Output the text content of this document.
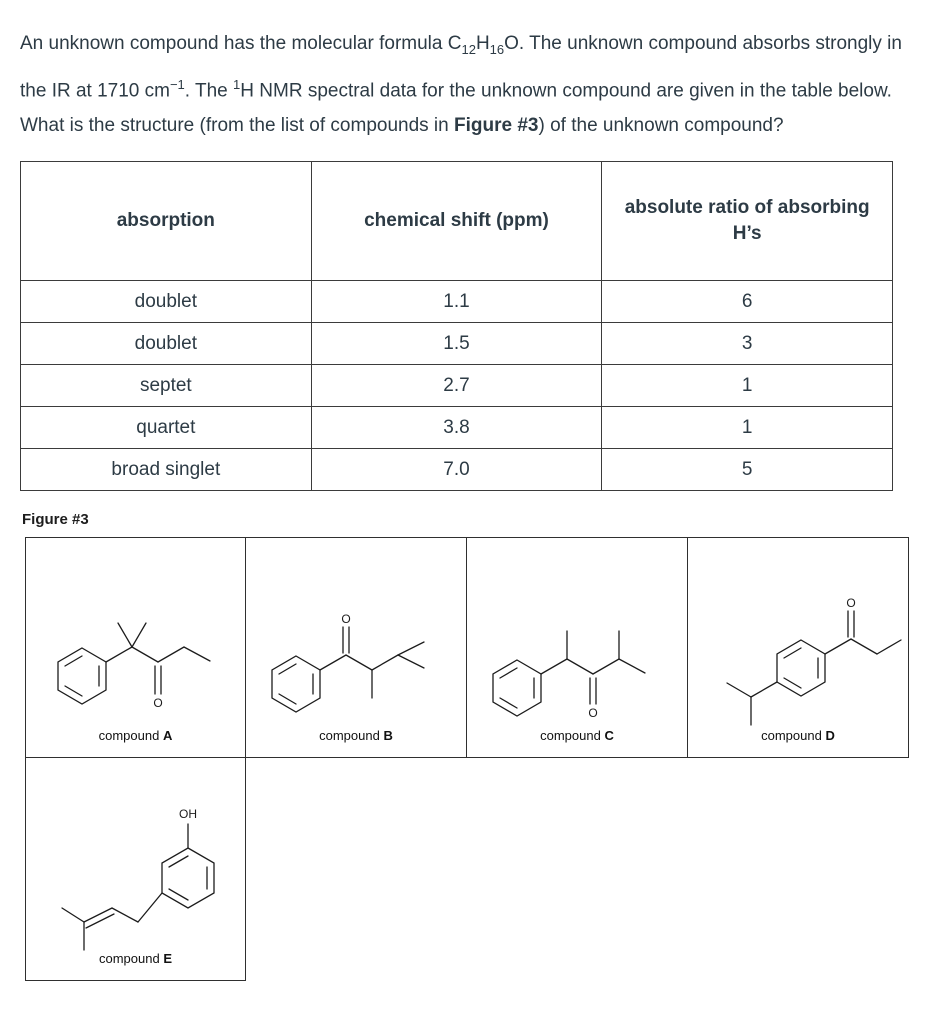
An unknown compound has the molecular formula $C_{12}H_{16}O$. The unknown compound absorbs strongly in the IR at 1710 $cm^{-1}$. The $^1$H NMR spectral data for the unknown compound are given in the table below. What is the structure (from the list of compounds in Figure #3) of the unknown compound?

absorption	chemical shift (ppm)	absolute ratio of absorbing H’s
doublet	1.1	6
doublet	1.5	3
septet	2.7	1
quartet	3.8	1
broad singlet	7.0	5
Figure #3
O
compound A
O
compound B
O
compound C
O
compound D
OH
compound E
